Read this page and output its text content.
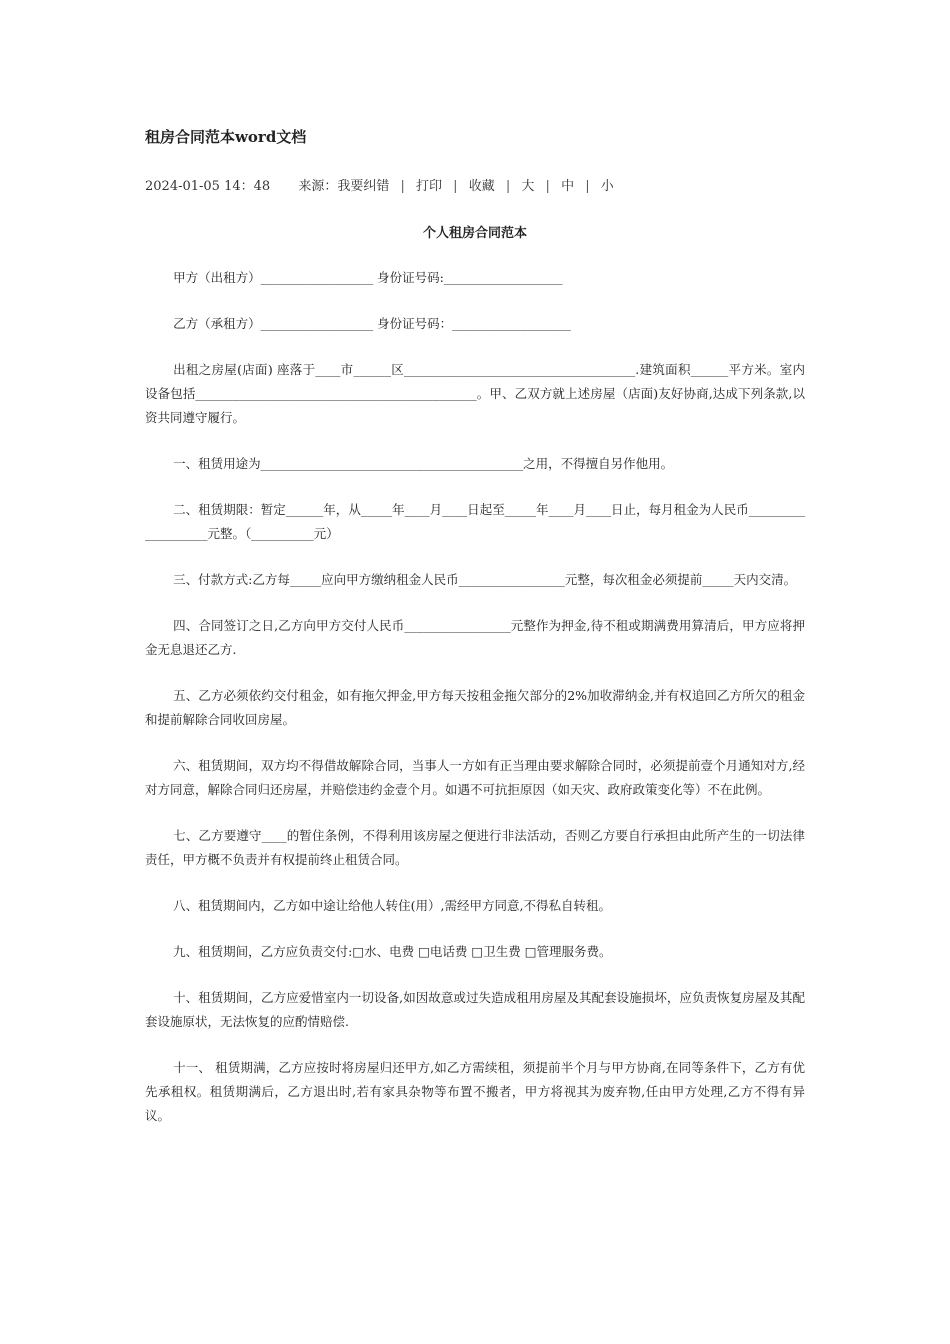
租房合同范本word文档
2024-01-05 14：48 来源：我要纠错 | 打印 | 收藏 | 大 | 中 | 小
个人租房合同范本

甲方（出租方）__________________ 身份证号码:___________________

乙方（承租方）__________________ 身份证号码：___________________

出租之房屋(店面) 座落于____市______区_____________________________________.建筑面积______平方米。室内设备包括_____________________________________________。甲、乙双方就上述房屋（店面)友好协商,达成下列条款,以资共同遵守履行。

一、租赁用途为__________________________________________之用，不得擅自另作他用。

二、租赁期限：暂定______年，从_____年____月____日起至_____年____月____日止，每月租金为人民币___________________元整。（__________元）

三、付款方式:乙方每_____应向甲方缴纳租金人民币_________________元整，每次租金必须提前_____天内交清。

四、合同签订之日,乙方向甲方交付人民币_________________元整作为押金,待不租或期满费用算清后，甲方应将押金无息退还乙方.

五、乙方必须依约交付租金，如有拖欠押金,甲方每天按租金拖欠部分的2%加收滞纳金,并有权追回乙方所欠的租金和提前解除合同收回房屋。

六、租赁期间，双方均不得借故解除合同，当事人一方如有正当理由要求解除合同时，必须提前壹个月通知对方,经对方同意，解除合同归还房屋，并赔偿违约金壹个月。如遇不可抗拒原因（如天灾、政府政策变化等）不在此例。

七、乙方要遵守____的暂住条例，不得利用该房屋之便进行非法活动，否则乙方要自行承担由此所产生的一切法律责任，甲方概不负责并有权提前终止租赁合同。

八、租赁期间内，乙方如中途让给他人转住(用）,需经甲方同意,不得私自转租。

九、租赁期间，乙方应负责交付:□水、电费 □电话费 □卫生费 □管理服务费。

十、租赁期间，乙方应爱惜室内一切设备,如因故意或过失造成租用房屋及其配套设施损坏，应负责恢复房屋及其配套设施原状，无法恢复的应酌情赔偿.

十一、 租赁期满，乙方应按时将房屋归还甲方,如乙方需续租，须提前半个月与甲方协商,在同等条件下，乙方有优先承租权。租赁期满后，乙方退出时,若有家具杂物等布置不搬者，甲方将视其为废弃物,任由甲方处理,乙方不得有异议。
